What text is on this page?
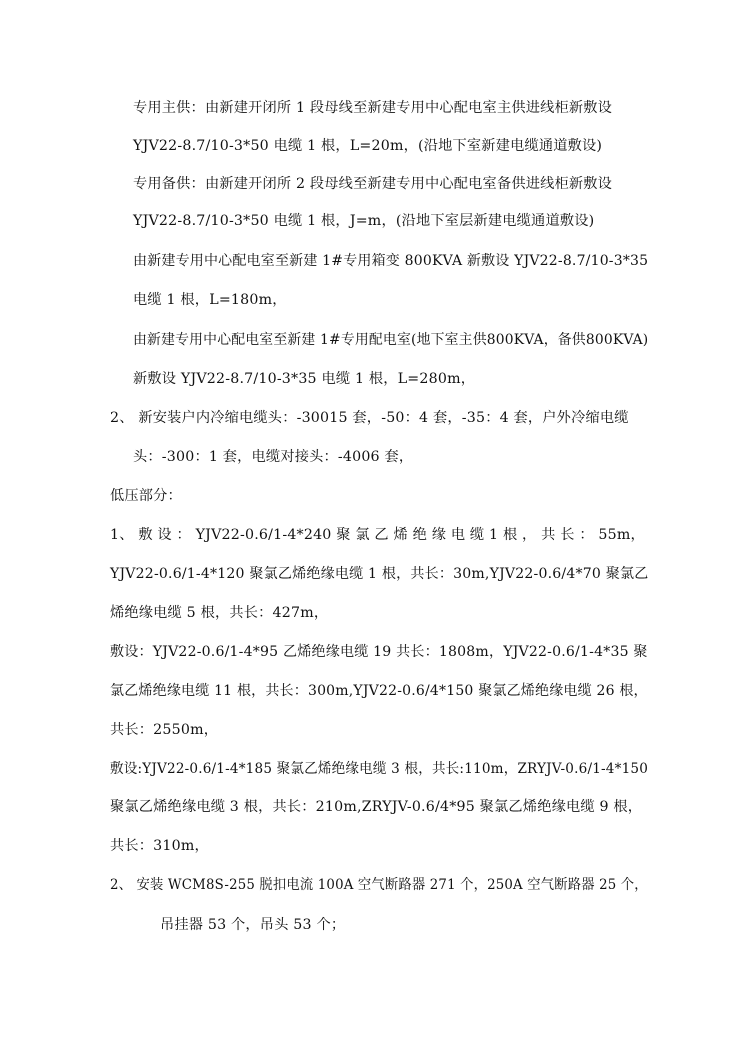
专用主供：由新建开闭所 1 段母线至新建专用中心配电室主供进线柜新敷设
YJV22-8.7/10-3*50 电缆 1 根，L=20m，(沿地下室新建电缆通道敷设)
专用备供：由新建开闭所 2 段母线至新建专用中心配电室备供进线柜新敷设
YJV22-8.7/10-3*50 电缆 1 根，J=m，(沿地下室层新建电缆通道敷设)
由新建专用中心配电室至新建 1#专用箱变 800KVA 新敷设 YJV22-8.7/10-3*35
电缆 1 根，L=180m，
由新建专用中心配电室至新建 1#专用配电室(地下室主供800KVA，备供800KVA)
新敷设 YJV22-8.7/10-3*35 电缆 1 根，L=280m，
2、 新安装户内冷缩电缆头：-30015 套，-50：4 套，-35：4 套，户外冷缩电缆
头：-300：1 套，电缆对接头：-4006 套，
低压部分：
1、 敷 设 ： YJV22-0.6/1-4*240 聚 氯 乙 烯 绝 缘 电 缆 1 根 ， 共 长 ： 55m，
YJV22-0.6/1-4*120 聚氯乙烯绝缘电缆 1 根，共长：30m,YJV22-0.6/4*70 聚氯乙
烯绝缘电缆 5 根，共长：427m，
敷设：YJV22-0.6/1-4*95 乙烯绝缘电缆 19 共长：1808m，YJV22-0.6/1-4*35 聚
氯乙烯绝缘电缆 11 根，共长：300m,YJV22-0.6/4*150 聚氯乙烯绝缘电缆 26 根，
共长：2550m，
敷设:YJV22-0.6/1-4*185 聚氯乙烯绝缘电缆 3 根，共长:110m，ZRYJV-0.6/1-4*150
聚氯乙烯绝缘电缆 3 根，共长：210m,ZRYJV-0.6/4*95 聚氯乙烯绝缘电缆 9 根，
共长：310m，
2、 安装 WCM8S-255 脱扣电流 100A 空气断路器 271 个，250A 空气断路器 25 个，
吊挂器 53 个，吊头 53 个；
